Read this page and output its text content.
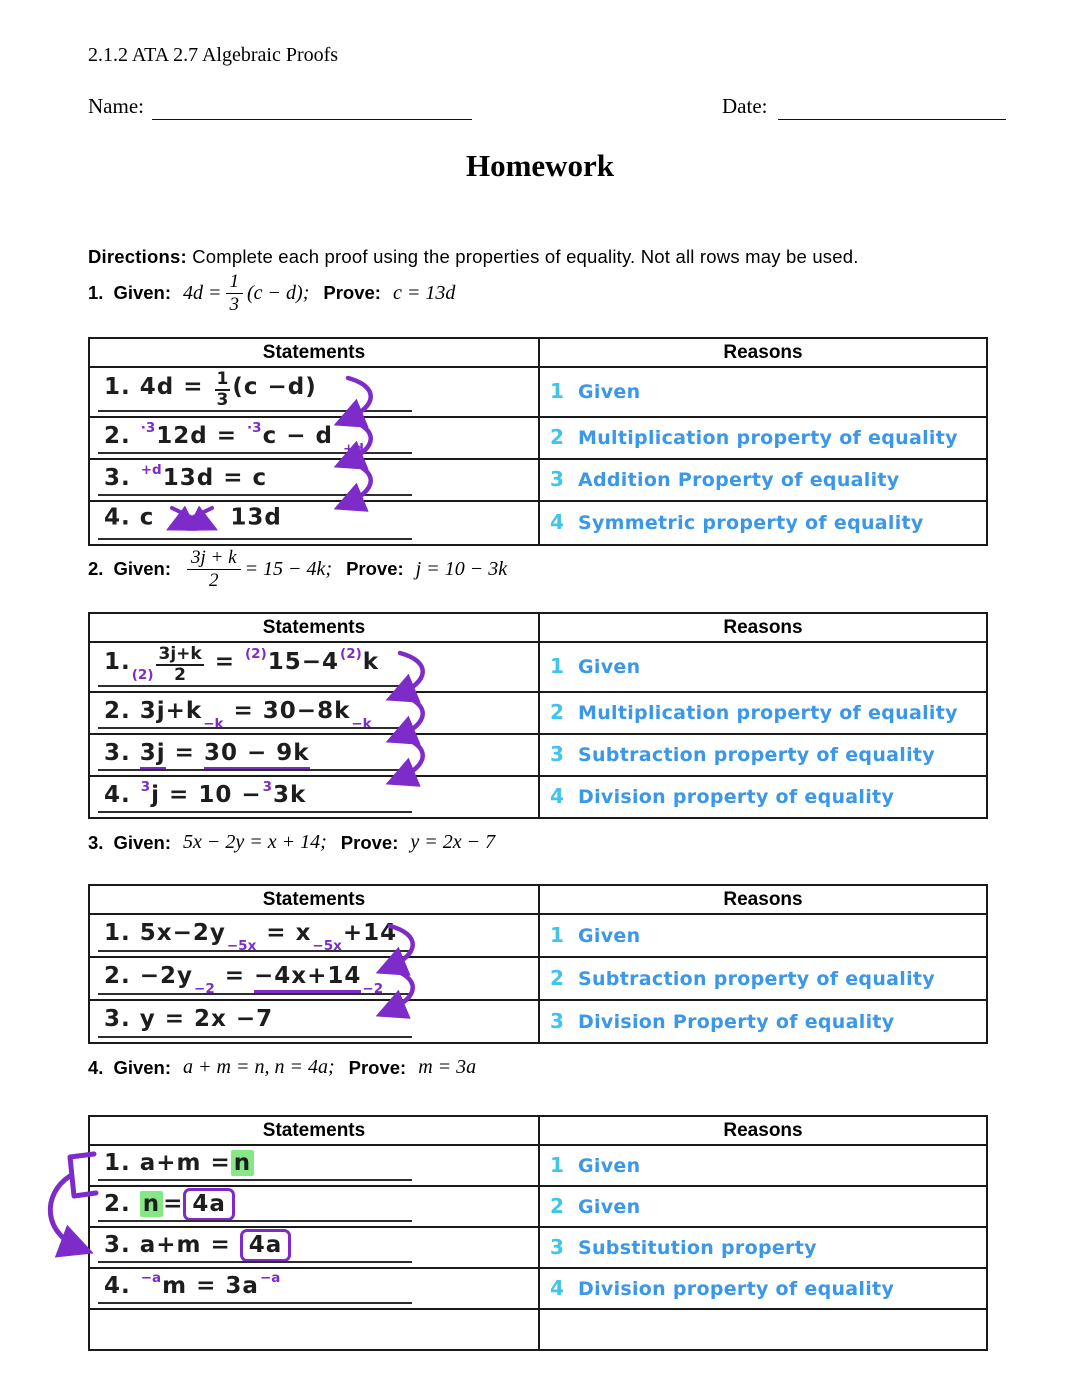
2.1.2 ATA 2.7 Algebraic Proofs
Name:	Date:
Homework
Directions: Complete each proof using the properties of equality. Not all rows may be used.
1. Given: $4d = \frac{1}{3} (c - d)$; Prove: c = 13d
Statements	Reasons
1. $4d = \frac{1}{3} (c -d)$	1 Given
2. ·312d = ·3c − d +d	2 Multiplication property of equality
3. +d13d = c	3 Addition Property of equality
4. c 13d	4 Symmetric property of equality
2. Given: $\frac{3j + k}{2} = 15 - 4k$; Prove: j = 10 − 3k
Statements	Reasons
$1.(2) \frac{3j+k}{2} = (2)15-4(2)k$	1 Given
2. 3j+k−k = 30−8k−k	2 Multiplication property of equality
3. 3j = 30 − 9k	3 Subtraction property of equality
4. 3j = 10 −33k	4 Division property of equality
3. Given: 5x − 2y = x + 14; Prove: y = 2x − 7
Statements	Reasons
1. 5x−2y−5x = x−5x+14	1 Given
2. −2y−2 = −4x+14−2	2 Subtraction property of equality
3. y = 2x −7	3 Division Property of equality
4. Given: a + m = n, n = 4a; Prove: m = 3a
Statements	Reasons
1. a+m = n	1 Given
2. n = 4a	2 Given
3. a+m = 4a	3 Substitution property
4. −am = 3a−a	4 Division property of equality
